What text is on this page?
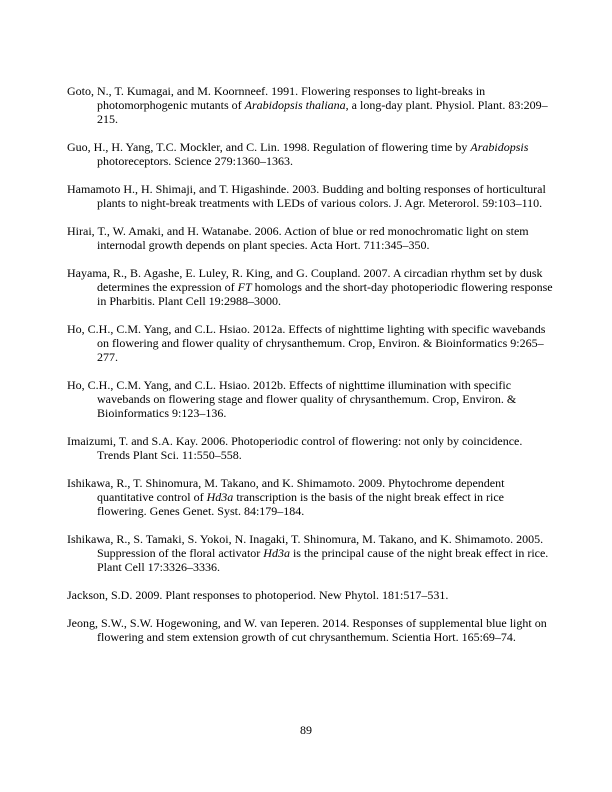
Goto, N., T. Kumagai, and M. Koornneef. 1991. Flowering responses to light-breaks in photomorphogenic mutants of Arabidopsis thaliana, a long-day plant. Physiol. Plant. 83:209–215.

Guo, H., H. Yang, T.C. Mockler, and C. Lin. 1998. Regulation of flowering time by Arabidopsis photoreceptors. Science 279:1360–1363.

Hamamoto H., H. Shimaji, and T. Higashinde. 2003. Budding and bolting responses of horticultural plants to night-break treatments with LEDs of various colors. J. Agr. Meterorol. 59:103–110.

Hirai, T., W. Amaki, and H. Watanabe. 2006. Action of blue or red monochromatic light on stem internodal growth depends on plant species. Acta Hort. 711:345–350.

Hayama, R., B. Agashe, E. Luley, R. King, and G. Coupland. 2007. A circadian rhythm set by dusk determines the expression of FT homologs and the short-day photoperiodic flowering response in Pharbitis. Plant Cell 19:2988–3000.

Ho, C.H., C.M. Yang, and C.L. Hsiao. 2012a. Effects of nighttime lighting with specific wavebands on flowering and flower quality of chrysanthemum. Crop, Environ. & Bioinformatics 9:265–277.

Ho, C.H., C.M. Yang, and C.L. Hsiao. 2012b. Effects of nighttime illumination with specific wavebands on flowering stage and flower quality of chrysanthemum. Crop, Environ. & Bioinformatics 9:123–136.

Imaizumi, T. and S.A. Kay. 2006. Photoperiodic control of flowering: not only by coincidence. Trends Plant Sci. 11:550–558.

Ishikawa, R., T. Shinomura, M. Takano, and K. Shimamoto. 2009. Phytochrome dependent quantitative control of Hd3a transcription is the basis of the night break effect in rice flowering. Genes Genet. Syst. 84:179–184.

Ishikawa, R., S. Tamaki, S. Yokoi, N. Inagaki, T. Shinomura, M. Takano, and K. Shimamoto. 2005. Suppression of the floral activator Hd3a is the principal cause of the night break effect in rice. Plant Cell 17:3326–3336.

Jackson, S.D. 2009. Plant responses to photoperiod. New Phytol. 181:517–531.

Jeong, S.W., S.W. Hogewoning, and W. van Ieperen. 2014. Responses of supplemental blue light on flowering and stem extension growth of cut chrysanthemum. Scientia Hort. 165:69–74.

89
